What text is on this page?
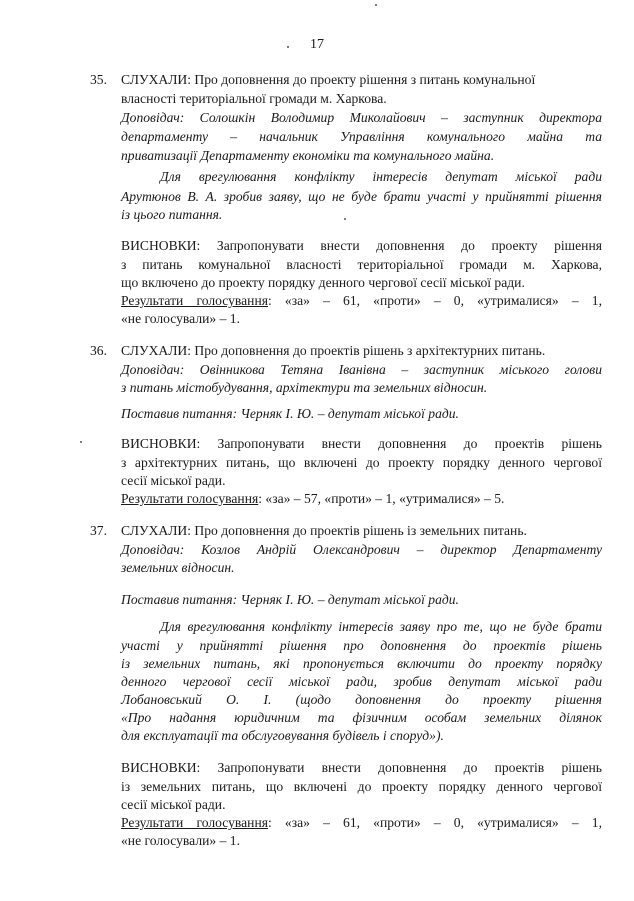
17
35. СЛУХАЛИ: Про доповнення до проекту рішення з питань комунальної
власності територіальної громади м. Харкова.
Доповідач: Солошкін Володимир Миколайович – заступник директора
департаменту – начальник Управління комунального майна та
приватизації Департаменту економіки та комунального майна.
Для врегулювання конфлікту інтересів депутат міської ради
Арутюнов В. А. зробив заяву, що не буде брати участі у прийнятті рішення
із цього питання.
ВИСНОВКИ: Запропонувати внести доповнення до проекту рішення
з питань комунальної власності територіальної громади м. Харкова,
що включено до проекту порядку денного чергової сесії міської ради.
Результати голосування: «за» – 61, «проти» – 0, «утрималися» – 1,
«не голосували» – 1.
36. СЛУХАЛИ: Про доповнення до проектів рішень з архітектурних питань.
Доповідач: Овінникова Тетяна Іванівна – заступник міського голови
з питань містобудування, архітектури та земельних відносин.
Поставив питання: Черняк І. Ю. – депутат міської ради.
ВИСНОВКИ: Запропонувати внести доповнення до проектів рішень
з архітектурних питань, що включені до проекту порядку денного чергової
сесії міської ради.
Результати голосування: «за» – 57, «проти» – 1, «утрималися» – 5.
37. СЛУХАЛИ: Про доповнення до проектів рішень із земельних питань.
Доповідач: Козлов Андрій Олександрович – директор Департаменту
земельних відносин.
Поставив питання: Черняк І. Ю. – депутат міської ради.
Для врегулювання конфлікту інтересів заяву про те, що не буде брати
участі у прийнятті рішення про доповнення до проектів рішень
із земельних питань, які пропонується включити до проекту порядку
денного чергової сесії міської ради, зробив депутат міської ради
Лобановський О. І. (щодо доповнення до проекту рішення
«Про надання юридичним та фізичним особам земельних ділянок
для експлуатації та обслуговування будівель і споруд»).
ВИСНОВКИ: Запропонувати внести доповнення до проектів рішень
із земельних питань, що включені до проекту порядку денного чергової
сесії міської ради.
Результати голосування: «за» – 61, «проти» – 0, «утрималися» – 1,
«не голосували» – 1.
